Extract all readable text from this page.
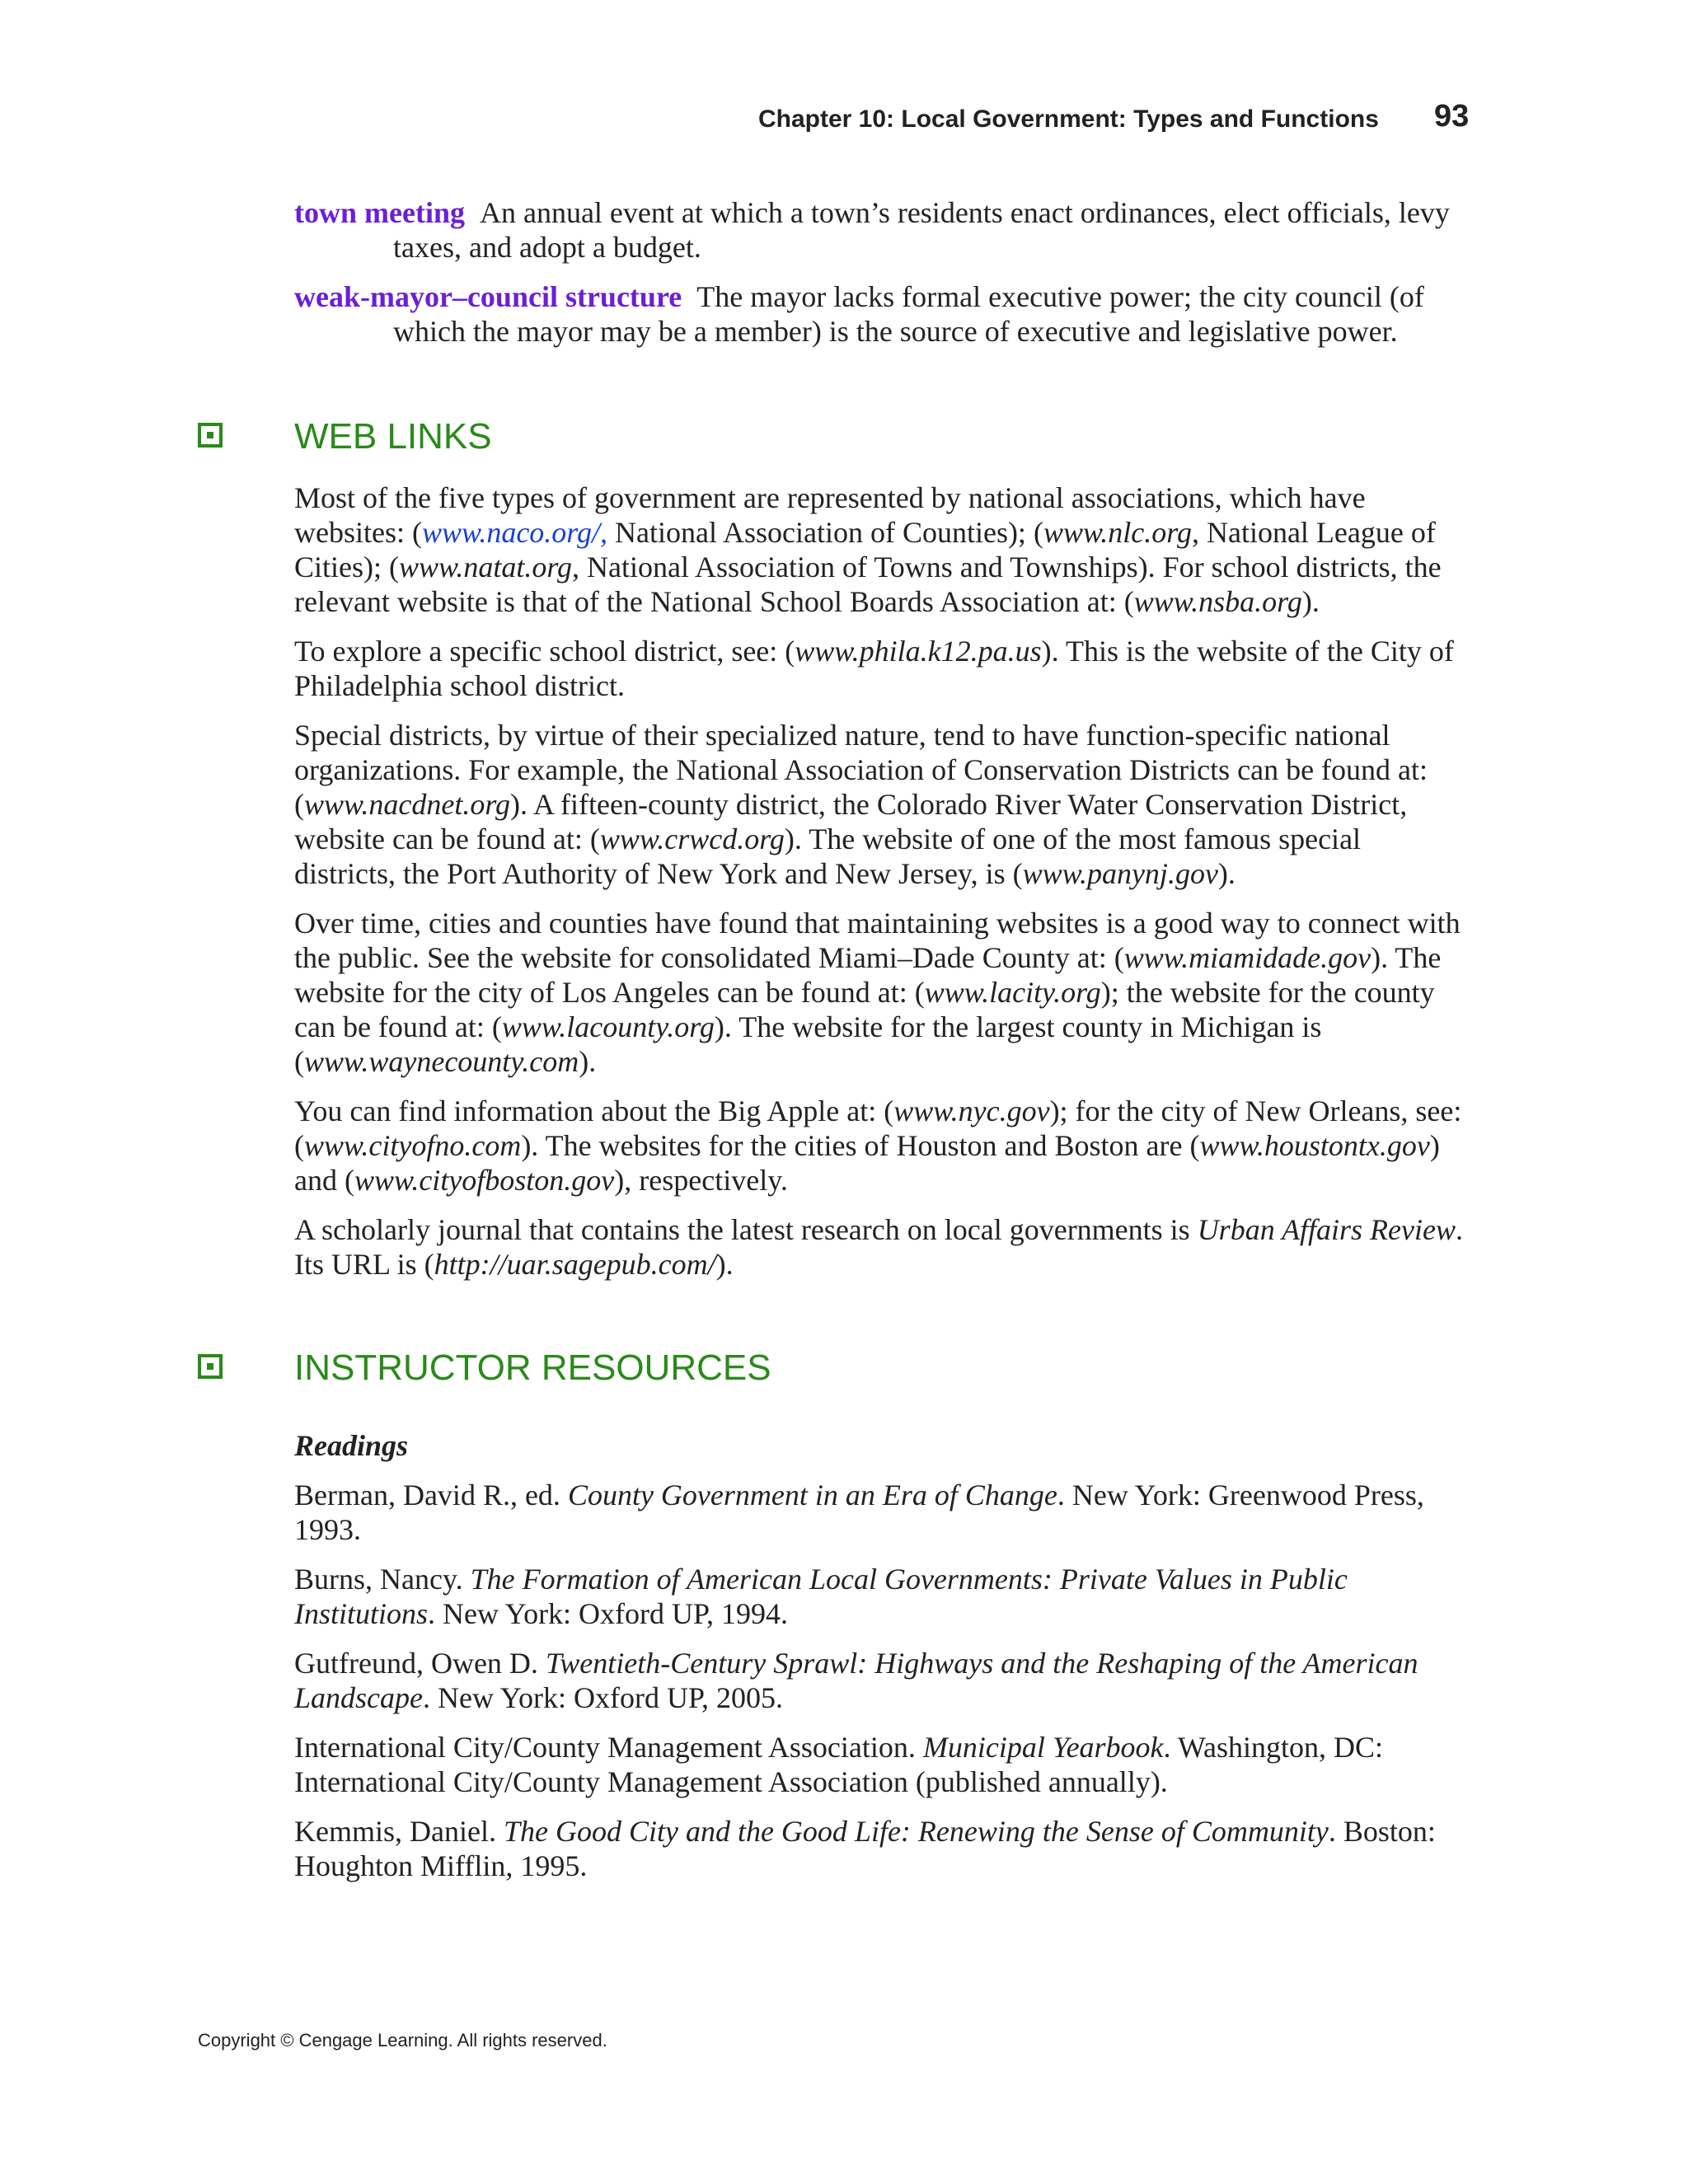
Chapter 10: Local Government: Types and Functions 93

town meeting An annual event at which a town’s residents enact ordinances, elect officials, levy taxes, and adopt a budget.

weak-mayor–council structure The mayor lacks formal executive power; the city council (of which the mayor may be a member) is the source of executive and legislative power.

WEB LINKS

Most of the five types of government are represented by national associations, which have websites: (www.naco.org/, National Association of Counties); (www.nlc.org, National League of Cities); (www.natat.org, National Association of Towns and Townships). For school districts, the relevant website is that of the National School Boards Association at: (www.nsba.org).

To explore a specific school district, see: (www.phila.k12.pa.us). This is the website of the City of Philadelphia school district.

Special districts, by virtue of their specialized nature, tend to have function-specific national organizations. For example, the National Association of Conservation Districts can be found at: (www.nacdnet.org). A fifteen-county district, the Colorado River Water Conservation District, website can be found at: (www.crwcd.org). The website of one of the most famous special districts, the Port Authority of New York and New Jersey, is (www.panynj.gov).

Over time, cities and counties have found that maintaining websites is a good way to connect with the public. See the website for consolidated Miami–Dade County at: (www.miamidade.gov). The website for the city of Los Angeles can be found at: (www.lacity.org); the website for the county can be found at: (www.lacounty.org). The website for the largest county in Michigan is (www.waynecounty.com).

You can find information about the Big Apple at: (www.nyc.gov); for the city of New Orleans, see: (www.cityofno.com). The websites for the cities of Houston and Boston are (www.houstontx.gov) and (www.cityofboston.gov), respectively.

A scholarly journal that contains the latest research on local governments is Urban Affairs Review. Its URL is (http://uar.sagepub.com/).

INSTRUCTOR RESOURCES

Readings

Berman, David R., ed. County Government in an Era of Change. New York: Greenwood Press, 1993.

Burns, Nancy. The Formation of American Local Governments: Private Values in Public Institutions. New York: Oxford UP, 1994.

Gutfreund, Owen D. Twentieth-Century Sprawl: Highways and the Reshaping of the American Landscape. New York: Oxford UP, 2005.

International City/County Management Association. Municipal Yearbook. Washington, DC: International City/County Management Association (published annually).

Kemmis, Daniel. The Good City and the Good Life: Renewing the Sense of Community. Boston: Houghton Mifflin, 1995.

Copyright © Cengage Learning. All rights reserved.
